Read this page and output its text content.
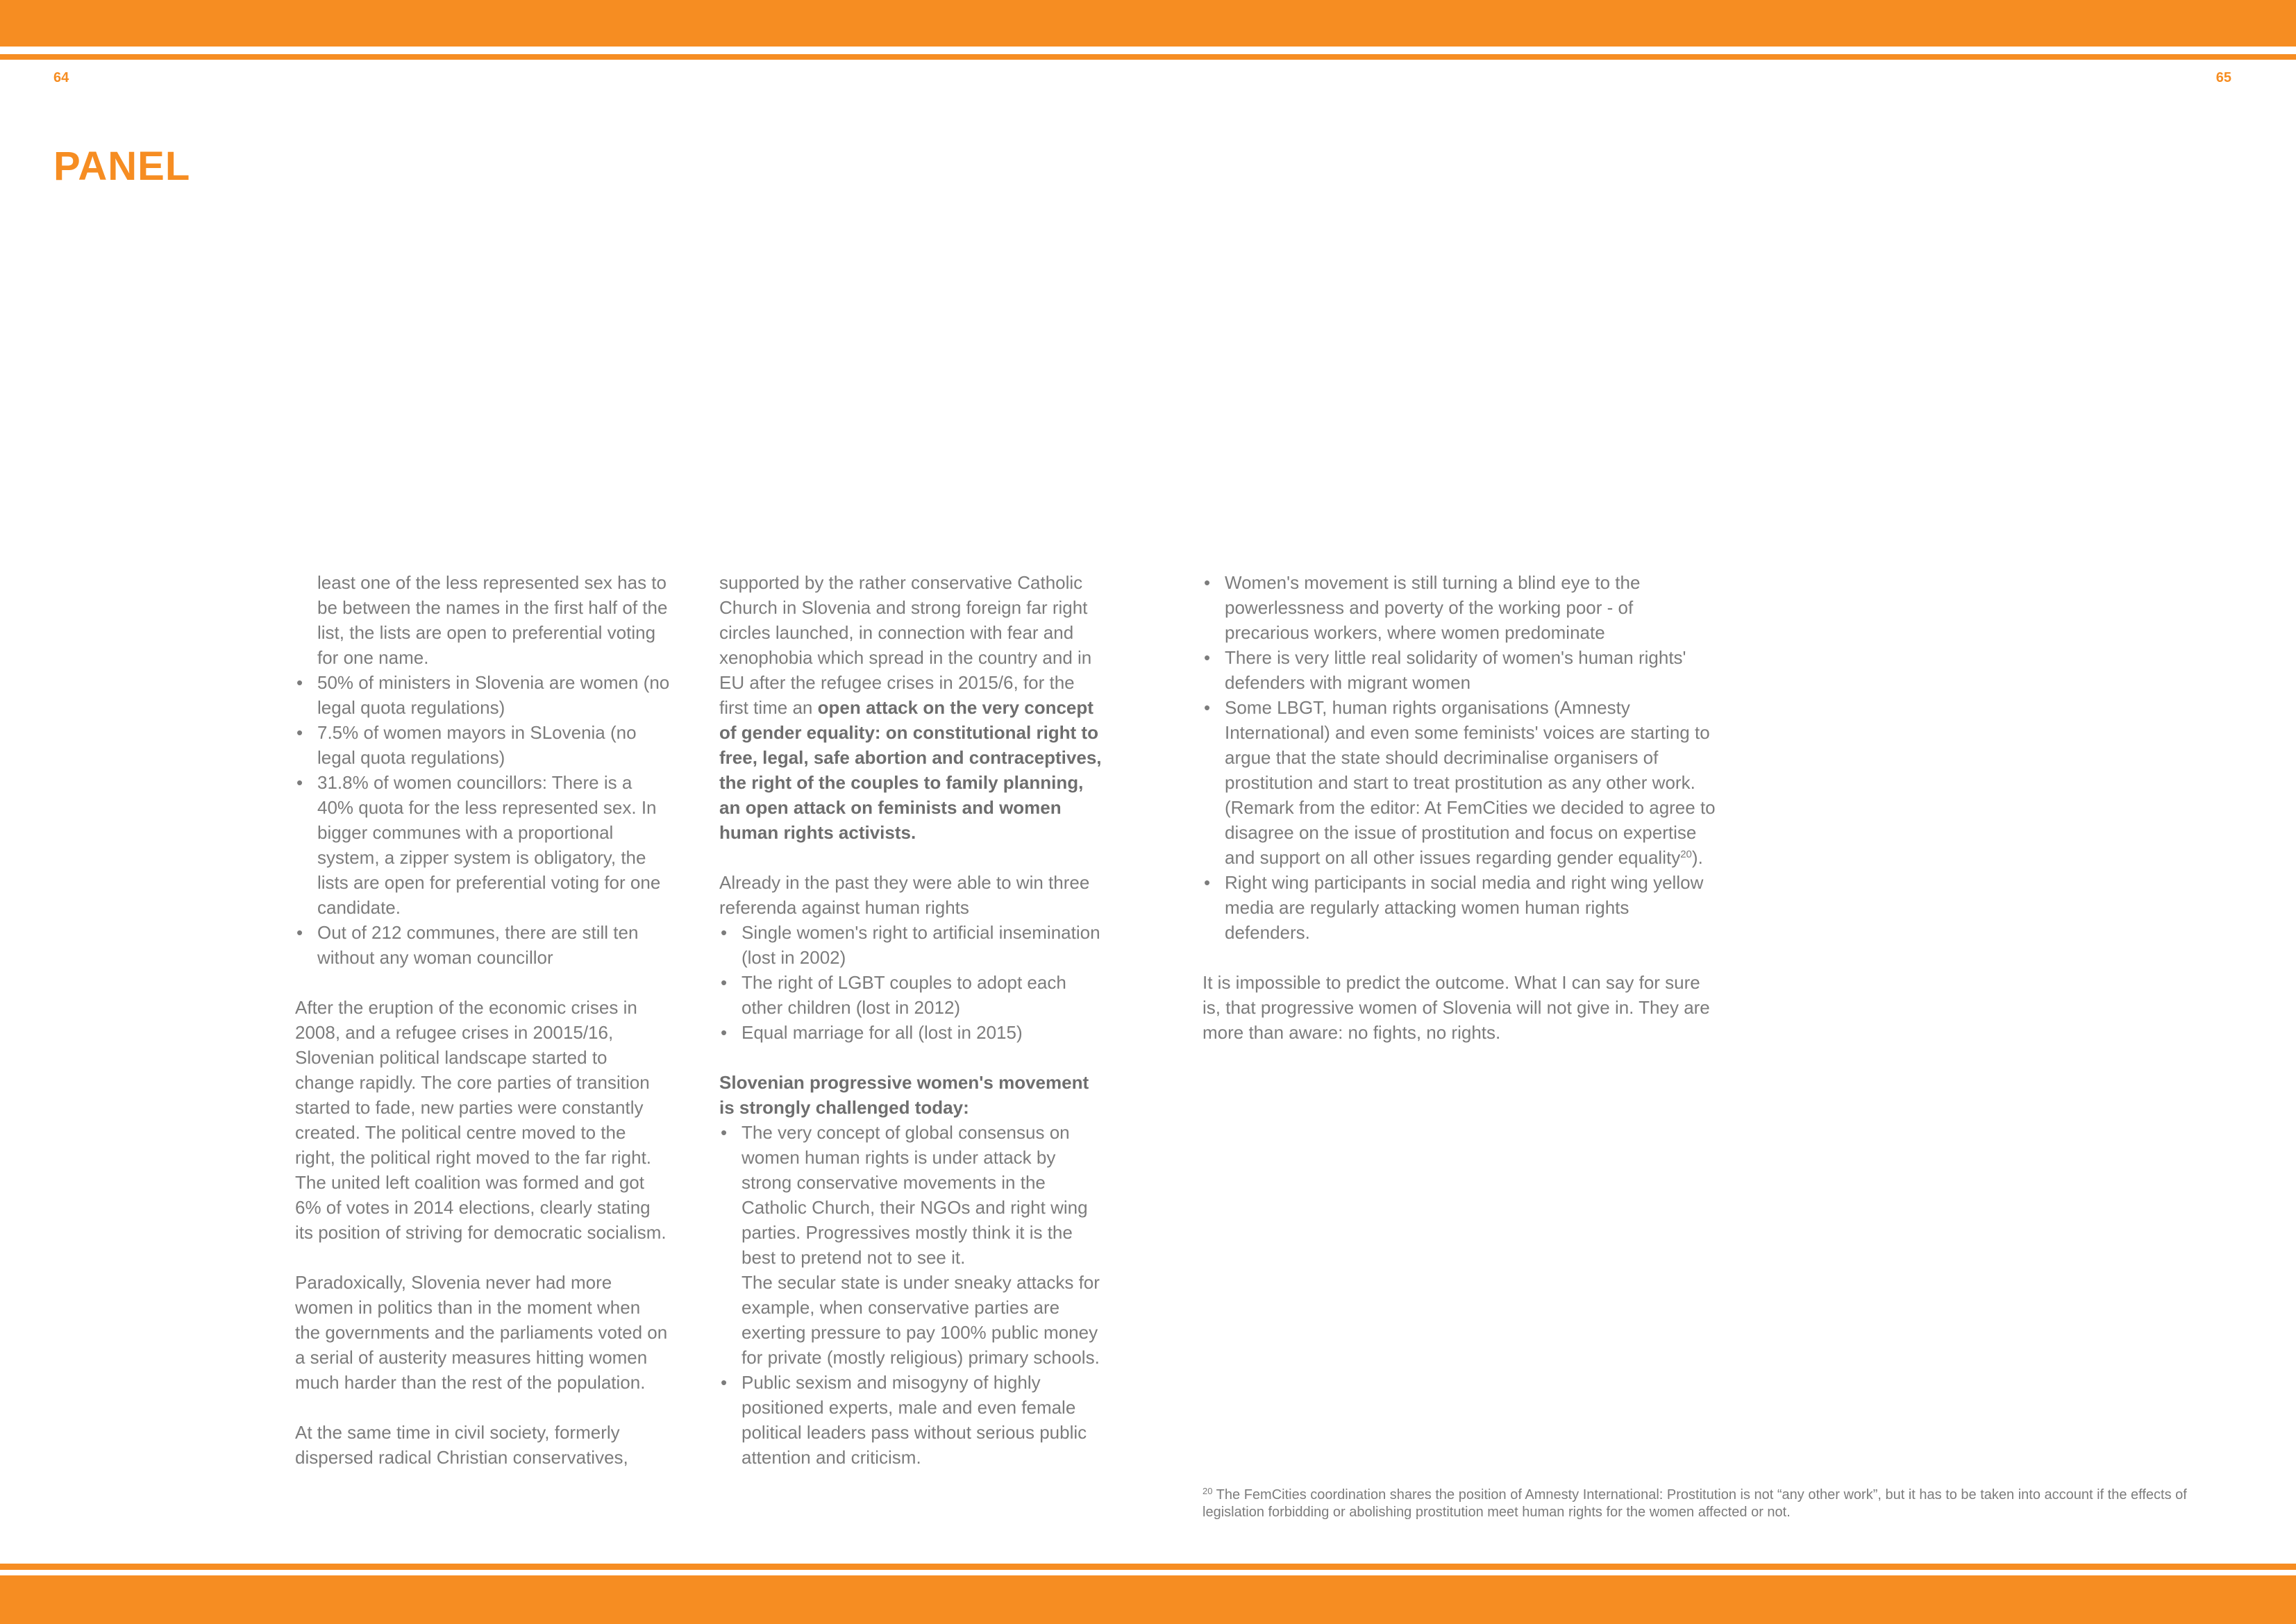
64	65
PANEL

least one of the less represented sex has to be between the names in the first half of the list, the lists are open to preferential voting for one name.

• 50% of ministers in Slovenia are women (no legal quota regulations)
• 7.5% of women mayors in SLovenia (no legal quota regulations)
• 31.8% of women councillors: There is a 40% quota for the less represented sex. In bigger communes with a proportional system, a zipper system is obligatory, the lists are open for preferential voting for one candidate.
• Out of 212 communes, there are still ten without any woman councillor

After the eruption of the economic crises in 2008, and a refugee crises in 20015/16, Slovenian political landscape started to change rapidly. The core parties of transition started to fade, new parties were constantly created. The political centre moved to the right, the political right moved to the far right. The united left coalition was formed and got 6% of votes in 2014 elections, clearly stating its position of striving for democratic socialism.

Paradoxically, Slovenia never had more women in politics than in the moment when the governments and the parliaments voted on a serial of austerity measures hitting women much harder than the rest of the population.

At the same time in civil society, formerly dispersed radical Christian conservatives,

supported by the rather conservative Catholic Church in Slovenia and strong foreign far right circles launched, in connection with fear and xenophobia which spread in the country and in EU after the refugee crises in 2015/6, for the first time an open attack on the very concept of gender equality: on constitutional right to free, legal, safe abortion and contraceptives, the right of the couples to family planning, an open attack on feminists and women human rights activists.

Already in the past they were able to win three referenda against human rights

• Single women's right to artificial insemination (lost in 2002)
• The right of LGBT couples to adopt each other children (lost in 2012)
• Equal marriage for all (lost in 2015)

Slovenian progressive women's movement is strongly challenged today:

• The very concept of global consensus on women human rights is under attack by strong conservative movements in the Catholic Church, their NGOs and right wing parties. Progressives mostly think it is the best to pretend not to see it.
The secular state is under sneaky attacks for example, when conservative parties are exerting pressure to pay 100% public money for private (mostly religious) primary schools.
• Public sexism and misogyny of highly positioned experts, male and even female political leaders pass without serious public attention and criticism.
• Women's movement is still turning a blind eye to the powerlessness and poverty of the working poor - of precarious workers, where women predominate
• There is very little real solidarity of women's human rights' defenders with migrant women
• Some LBGT, human rights organisations (Amnesty International) and even some feminists' voices are starting to argue that the state should decriminalise organisers of prostitution and start to treat prostitution as any other work. (Remark from the editor: At FemCities we decided to agree to disagree on the issue of prostitution and focus on expertise and support on all other issues regarding gender equality$^{20}$).
• Right wing participants in social media and right wing yellow media are regularly attacking women human rights defenders.

It is impossible to predict the outcome. What I can say for sure is, that progressive women of Slovenia will not give in. They are more than aware: no fights, no rights.

$^{20}$ The FemCities coordination shares the position of Amnesty International: Prostitution is not “any other work”, but it has to be taken into account if the effects of legislation forbidding or abolishing prostitution meet human rights for the women affected or not.
